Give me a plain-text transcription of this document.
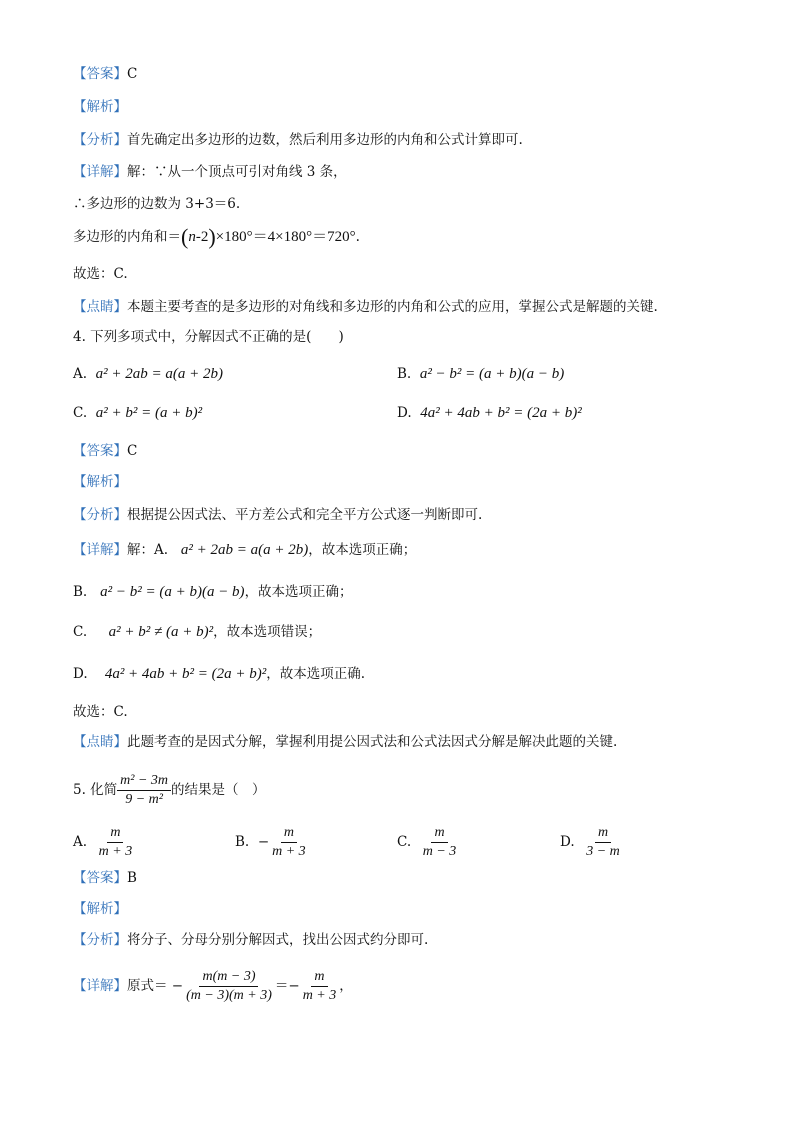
【答案】C
【解析】
【分析】首先确定出多边形的边数，然后利用多边形的内角和公式计算即可.
【详解】解：∵从一个顶点可引对角线 3 条，
∴多边形的边数为 3+3＝6.
多边形的内角和＝(n-2)×180°＝4×180°＝720°.
故选：C.
【点睛】本题主要考查的是多边形的对角线和多边形的内角和公式的应用，掌握公式是解题的关键.
4. 下列多项式中，分解因式不正确的是(　　)
A. a² + 2ab = a(a + 2b)	B. a² − b² = (a + b)(a − b)
C. a² + b² = (a + b)²	D. 4a² + 4ab + b² = (2a + b)²
【答案】C
【解析】
【分析】根据提公因式法、平方差公式和完全平方公式逐一判断即可.
【详解】解：A. a² + 2ab = a(a + 2b)，故本选项正确；
B. a² − b² = (a + b)(a − b)，故本选项正确；
C. a² + b² ≠ (a + b)²，故本选项错误；
D. 4a² + 4ab + b² = (2a + b)²，故本选项正确.
故选：C.
【点睛】此题考查的是因式分解，掌握利用提公因式法和公式法因式分解是解决此题的关键.
5. 化简 $\frac{\text{m² − 3m}}{\text{9 − m²}}$ 的结果是（　）
A. $\frac{m}{m + 3}$	B. − $\frac{m}{m + 3}$	C. $\frac{m}{m - 3}$	D. $\frac{m}{3 - m}$
【答案】B
【解析】
【分析】将分子、分母分别分解因式，找出公因式约分即可.
【详解】原式＝ − $\frac{m(m - 3)}{(m - 3)(m + 3)} =- \frac{m}{m + 3}$ ，
